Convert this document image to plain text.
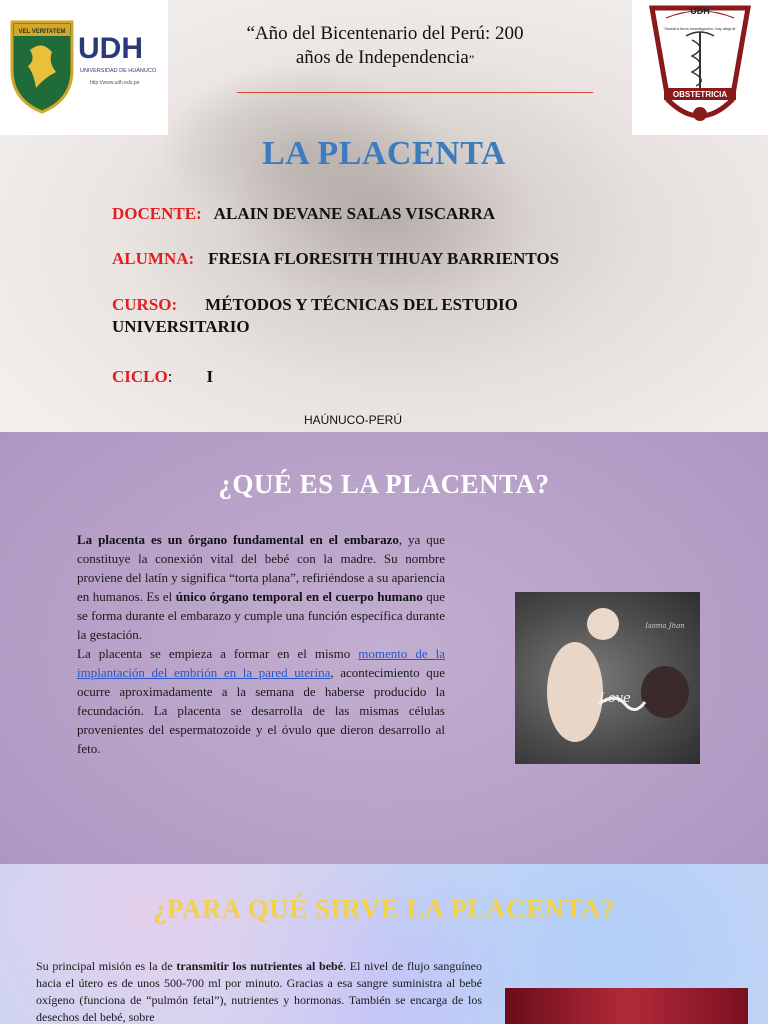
VEL VERITATEM UDH
UNIVERSIDAD DE HUÁNUCO
http://www.udh.edu.pe
UDH
"Nuestra lema investigación, hay alegría"
OBSTETRICIA
“Año del Bicentenario del Perú: 200
años de Independencia”
LA PLACENTA
DOCENTE: ALAIN DEVANE SALAS VISCARRA
ALUMNA: FRESIA FLORESITH TIHUAY BARRIENTOS
CURSO: MÉTODOS Y TÉCNICAS DEL ESTUDIO UNIVERSITARIO
CICLO: I
HAÚNUCO-PERÚ
¿QUÉ ES LA PLACENTA?

La placenta es un órgano fundamental en el embarazo, ya que constituye la conexión vital del bebé con la madre. Su nombre proviene del latín y significa “torta plana”, refiriéndose a su apariencia en humanos. Es el único órgano temporal en el cuerpo humano que se forma durante el embarazo y cumple una función específica durante la gestación.

La placenta se empieza a formar en el mismo momento de la implantación del embrión en la pared uterina, acontecimiento que ocurre aproximadamente a la semana de haberse producido la fecundación. La placenta se desarrolla de las mismas células provenientes del espermatozoide y el óvulo que dieron desarrollo al feto.

Love
Isoma Jhan
¿PARA QUÉ SIRVE LA PLACENTA?
Su principal misión es la de transmitir los nutrientes al bebé. El nivel de flujo sanguíneo hacia el útero es de unos 500-700 ml por minuto. Gracias a esa sangre suministra al bebé oxígeno (funciona de “pulmón fetal”), nutrientes y hormonas. También se encarga de los desechos del bebé, sobre
